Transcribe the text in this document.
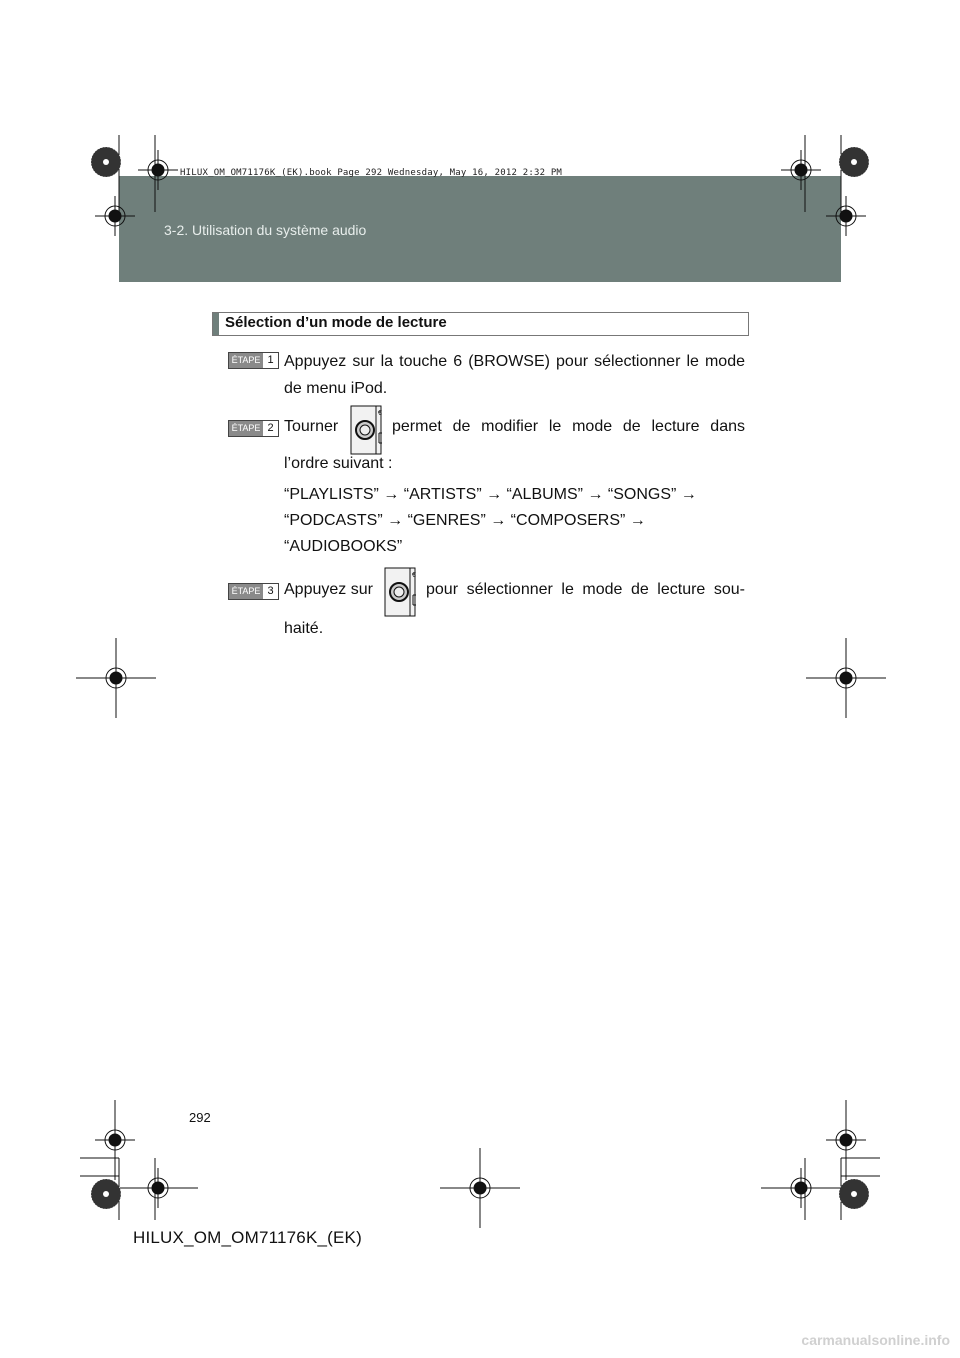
3-2. Utilisation du système audio
HILUX_OM_OM71176K_(EK).book Page 292 Wednesday, May 16, 2012 2:32 PM
Sélection d’un mode de lecture
ÉTAPE 1 Appuyez sur la touche 6 (BROWSE) pour sélectionner le mode de menu iPod.
ÉTAPE 2 Tourner
€
permet de modifier le mode de lecture dans
l’ordre suivant :
“PLAYLISTS” → “ARTISTS” → “ALBUMS” → “SONGS” →
“PODCASTS” → “GENRES” → “COMPOSERS” →
“AUDIOBOOKS”
ÉTAPE 3 Appuyez sur
€
pour sélectionner le mode de lecture sou-
haité.
292
HILUX_OM_OM71176K_(EK)
carmanualsonline.info
